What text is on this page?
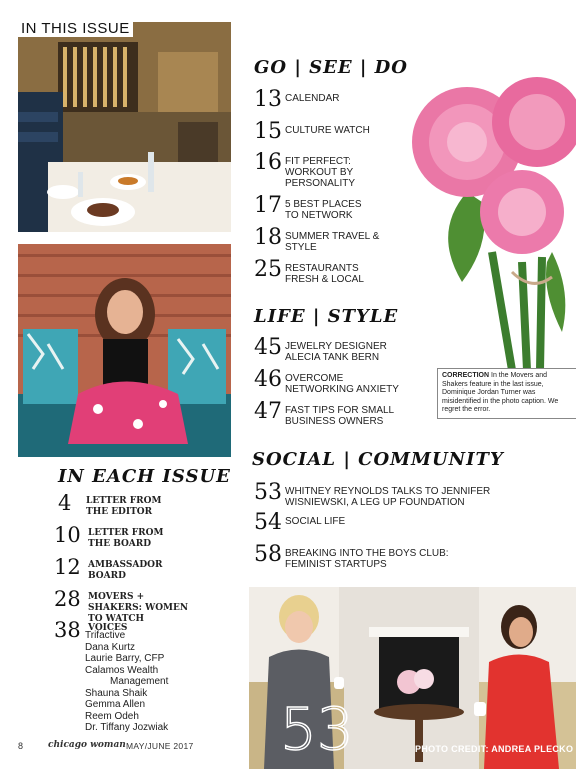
IN THIS ISSUE
GO | SEE | DO
13 CALENDAR
15 CULTURE WATCH
16 FIT PERFECT: WORKOUT BY PERSONALITY
17 5 BEST PLACES TO NETWORK
18 SUMMER TRAVEL & STYLE
25 RESTAURANTS FRESH & LOCAL
LIFE | STYLE
45 JEWELRY DESIGNER ALECIA TANK BERN
46 OVERCOME NETWORKING ANXIETY
47 FAST TIPS FOR SMALL BUSINESS OWNERS
CORRECTION In the Movers and Shakers feature in the last issue, Dominique Jordan Turner was misidentified in the photo caption. We regret the error.
SOCIAL | COMMUNITY
53 WHITNEY REYNOLDS TALKS TO JENNIFER WISNIEWSKI, A LEG UP FOUNDATION
54 SOCIAL LIFE
58 BREAKING INTO THE BOYS CLUB: FEMINIST STARTUPS
IN EACH ISSUE
4	LETTER FROM THE EDITOR
10 LETTER FROM THE BOARD
12 AMBASSADOR BOARD
28 MOVERS + SHAKERS: WOMEN TO WATCH
38 VOICES
Trifactive
Dana Kurtz
Laurie Barry, CFP
Calamos Wealth
Management
Shauna Shaik
Gemma Allen
Reem Odeh
Dr. Tiffany Jozwiak 53	PHOTO CREDIT: ANDREA PLECKO
8	chicago woman MAY/JUNE 2017
